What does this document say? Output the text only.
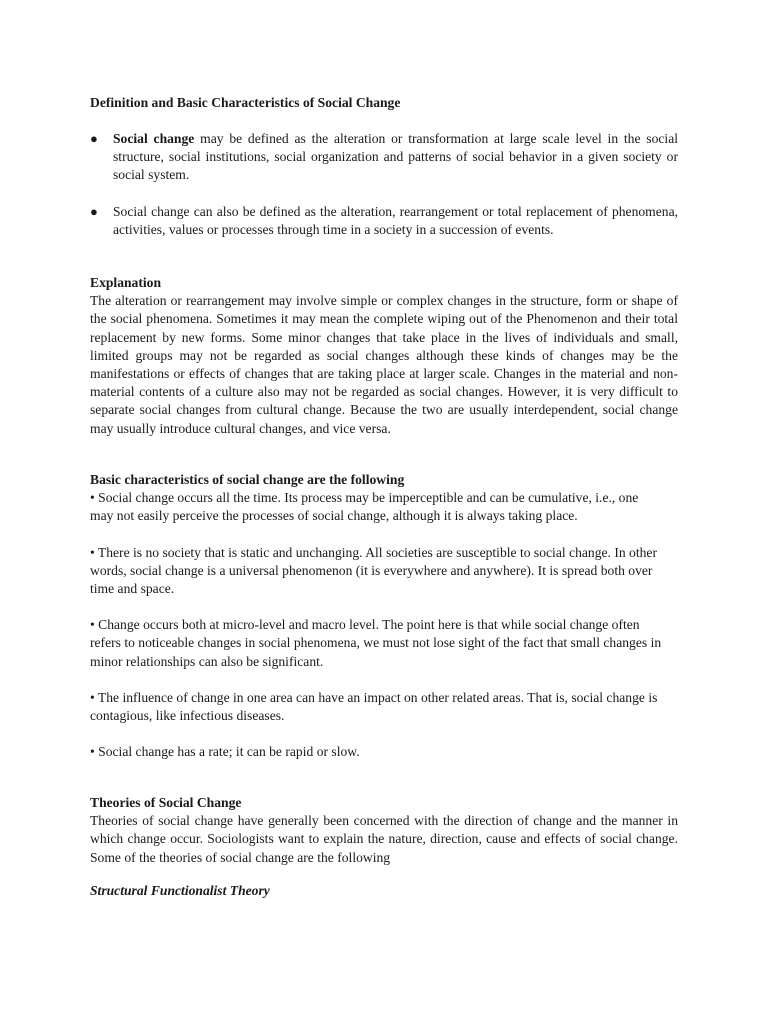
Definition and Basic Characteristics of Social Change
● Social change may be defined as the alteration or transformation at large scale level in the social structure, social institutions, social organization and patterns of social behavior in a given society or social system.
● Social change can also be defined as the alteration, rearrangement or total replacement of phenomena, activities, values or processes through time in a society in a succession of events.
Explanation
The alteration or rearrangement may involve simple or complex changes in the structure, form or shape of the social phenomena. Sometimes it may mean the complete wiping out of the Phenomenon and their total replacement by new forms. Some minor changes that take place in the lives of individuals and small, limited groups may not be regarded as social changes although these kinds of changes may be the manifestations or effects of changes that are taking place at larger scale. Changes in the material and non- material contents of a culture also may not be regarded as social changes. However, it is very difficult to separate social changes from cultural change. Because the two are usually interdependent, social change may usually introduce cultural changes, and vice versa.
Basic characteristics of social change are the following
• Social change occurs all the time. Its process may be imperceptible and can be cumulative, i.e., one may not easily perceive the processes of social change, although it is always taking place.
• There is no society that is static and unchanging. All societies are susceptible to social change. In other words, social change is a universal phenomenon (it is everywhere and anywhere). It is spread both over time and space.
• Change occurs both at micro-level and macro level. The point here is that while social change often refers to noticeable changes in social phenomena, we must not lose sight of the fact that small changes in minor relationships can also be significant.
• The influence of change in one area can have an impact on other related areas. That is, social change is contagious, like infectious diseases.
• Social change has a rate; it can be rapid or slow.
Theories of Social Change
Theories of social change have generally been concerned with the direction of change and the manner in which change occur. Sociologists want to explain the nature, direction, cause and effects of social change. Some of the theories of social change are the following
Structural Functionalist Theory
